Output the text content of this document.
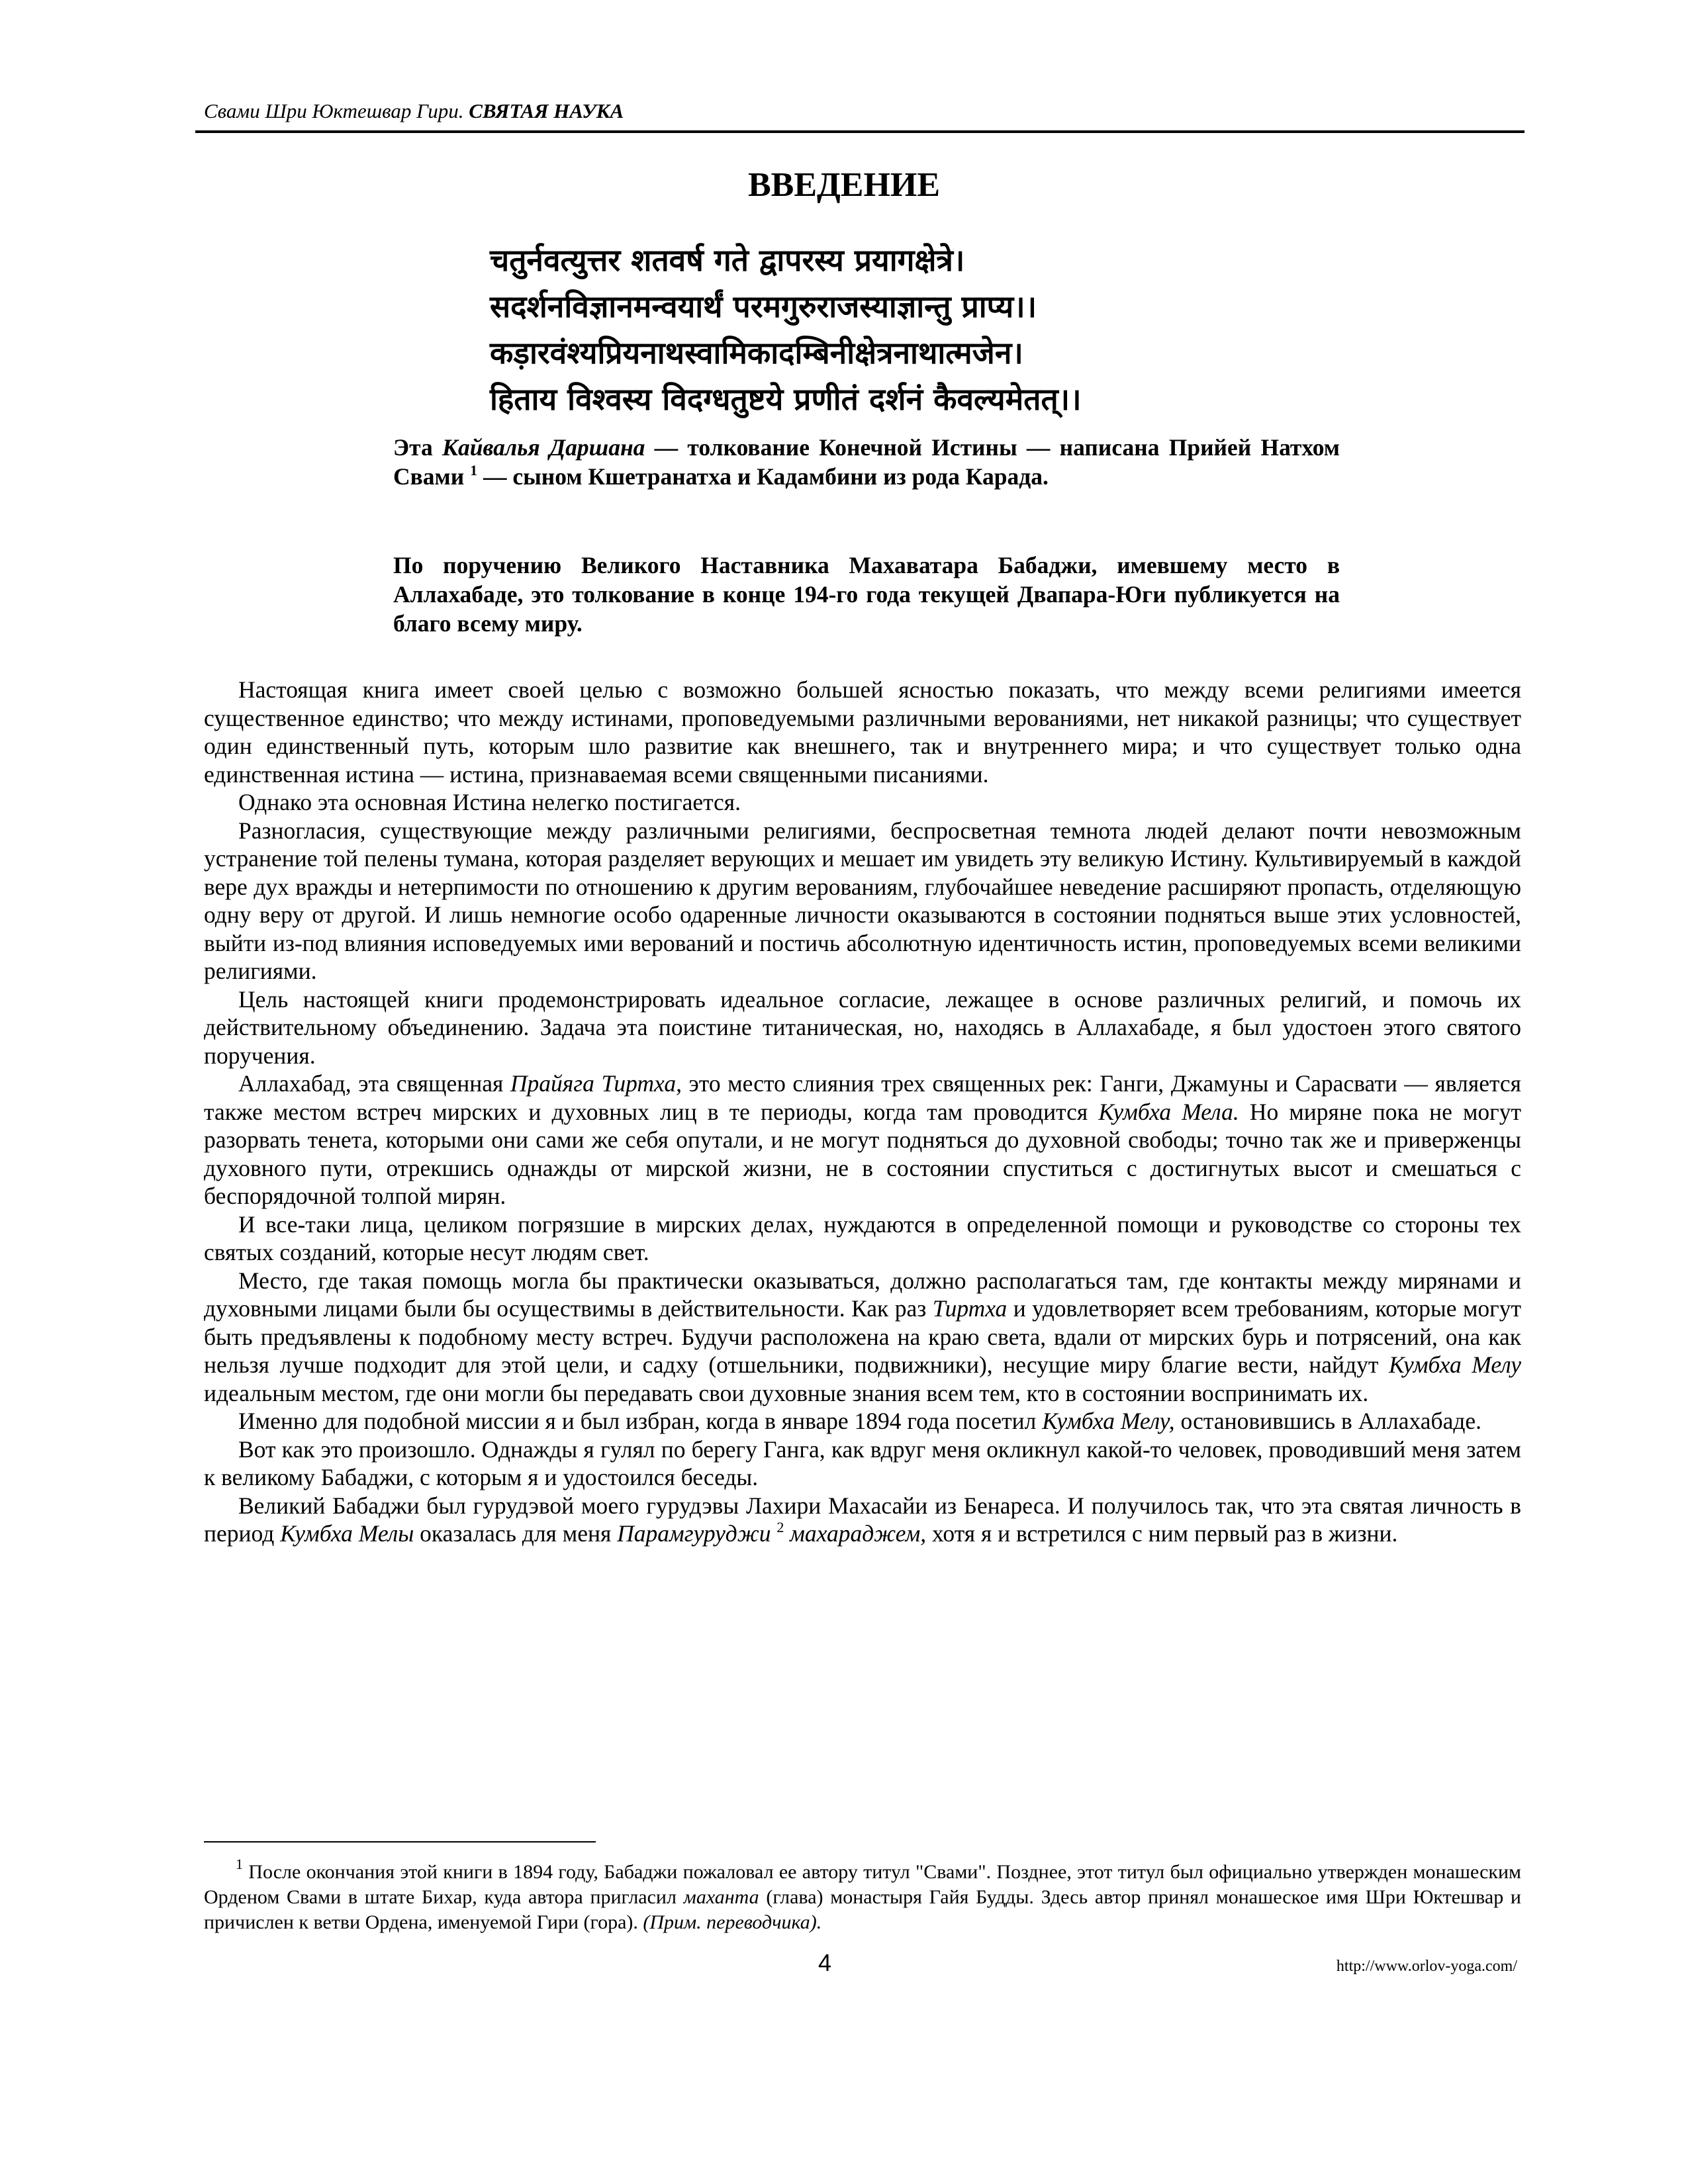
Свами Шри Юктешвар Гири. СВЯТАЯ НАУКА
ВВЕДЕНИЕ
चतुर्नवत्युत्तर शतवर्ष गते द्वापरस्य प्रयागक्षेत्रे।
सदर्शनविज्ञानमन्वयार्थं परमगुरुराजस्याज्ञान्तु प्राप्य।।
कड़ारवंश्यप्रियनाथस्वामिकादम्बिनीक्षेत्रनाथात्मजेन।
हिताय विश्वस्य विदग्धतुष्टये प्रणीतं दर्शनं कैवल्यमेतत्।।
Эта Кайвалья Даршана — толкование Конечной Истины — написана Прийей Натхом Свами $^1$ — сыном Кшетранатха и Кадамбини из рода Карада.
По поручению Великого Наставника Махаватара Бабаджи, имевшему место в Аллахабаде, это толкование в конце 194-го года текущей Двапара-Юги публикуется на благо всему миру.

Настоящая книга имеет своей целью с возможно большей ясностью показать, что между всеми религиями имеется существенное единство; что между истинами, проповедуемыми различными верованиями, нет никакой разницы; что существует один единственный путь, которым шло развитие как внешнего, так и внутреннего мира; и что существует только одна единственная истина — истина, признаваемая всеми священными писаниями.

Однако эта основная Истина нелегко постигается.

Разногласия, существующие между различными религиями, беспросветная темнота людей делают почти невозможным устранение той пелены тумана, которая разделяет верующих и мешает им увидеть эту великую Истину. Культивируемый в каждой вере дух вражды и нетерпимости по отношению к другим верованиям, глубочайшее неведение расширяют пропасть, отделяющую одну веру от другой. И лишь немногие особо одаренные личности оказываются в состоянии подняться выше этих условностей, выйти из-под влияния исповедуемых ими верований и постичь абсолютную идентичность истин, проповедуемых всеми великими религиями.

Цель настоящей книги продемонстрировать идеальное согласие, лежащее в основе различных религий, и помочь их действительному объединению. Задача эта поистине титаническая, но, находясь в Аллахабаде, я был удостоен этого святого поручения.

Аллахабад, эта священная Прайяга Тиртха, это место слияния трех священных рек: Ганги, Джамуны и Сарасвати — является также местом встреч мирских и духовных лиц в те периоды, когда там проводится Кумбха Мела. Но миряне пока не могут разорвать тенета, которыми они сами же себя опутали, и не могут подняться до духовной свободы; точно так же и приверженцы духовного пути, отрекшись однажды от мирской жизни, не в состоянии спуститься с достигнутых высот и смешаться с беспорядочной толпой мирян.

И все-таки лица, целиком погрязшие в мирских делах, нуждаются в определенной помощи и руководстве со стороны тех святых созданий, которые несут людям свет.

Место, где такая помощь могла бы практически оказываться, должно располагаться там, где контакты между мирянами и духовными лицами были бы осуществимы в действительности. Как раз Тиртха и удовлетворяет всем требованиям, которые могут быть предъявлены к подобному месту встреч. Будучи расположена на краю света, вдали от мирских бурь и потрясений, она как нельзя лучше подходит для этой цели, и садху (отшельники, подвижники), несущие миру благие вести, найдут Кумбха Мелу идеальным местом, где они могли бы передавать свои духовные знания всем тем, кто в состоянии воспринимать их.

Именно для подобной миссии я и был избран, когда в январе 1894 года посетил Кумбха Мелу, остановившись в Аллахабаде.

Вот как это произошло. Однажды я гулял по берегу Ганга, как вдруг меня окликнул какой-то человек, проводивший меня затем к великому Бабаджи, с которым я и удостоился беседы.

Великий Бабаджи был гурудэвой моего гурудэвы Лахири Махасайи из Бенареса. И получилось так, что эта святая личность в период Кумбха Мелы оказалась для меня Парамгуруджи $^2$ махараджем, хотя я и встретился с ним первый раз в жизни.

$^1$ После окончания этой книги в 1894 году, Бабаджи пожаловал ее автору титул "Свами". Позднее, этот титул был официально утвержден монашеским Орденом Свами в штате Бихар, куда автора пригласил маханта (глава) монастыря Гайя Будды. Здесь автор принял монашеское имя Шри Юктешвар и причислен к ветви Ордена, именуемой Гири (гора). (Прим. переводчика).

4	http://www.orlov-yoga.com/
